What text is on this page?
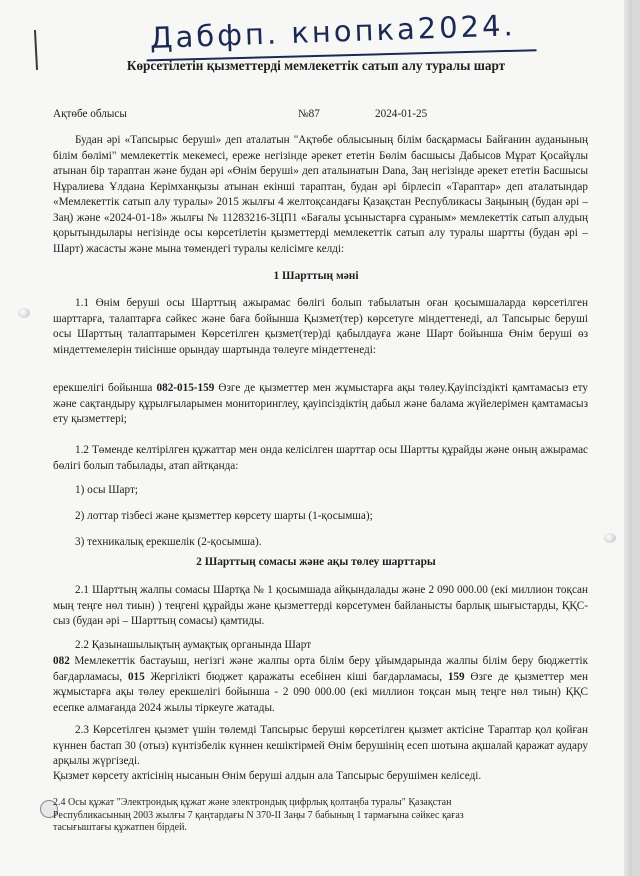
Дабфп. кнопка2024.
Көрсетілетін қызметтерді мемлекеттік сатып алу туралы шарт
Ақтөбе облысы	№87	2024-01-25
Будан әрі «Тапсырыс беруші» деп аталатын "Ақтөбе облысының білім басқармасы Байғанин ауданының білім бөлімі" мемлекеттік мекемесі, ереже негізінде әрекет ететін Бөлім басшысы Дабысов Мұрат Қосайұлы атынан бір тараптан және будан әрі «Өнім беруші» деп аталынатын Dana, Заң негізінде әрекет ететін Басшысы Нұралиева Ұлдана Керімханқызы атынан екінші тараптан, будан әрі бірлесіп «Тараптар» деп аталатындар «Мемлекеттік сатып алу туралы» 2015 жылғы 4 желтоқсандағы Қазақстан Республикасы Заңының (будан әрі – Заң) және «2024-01-18» жылғы № 11283216-ЗЦП1 «Бағалы ұсыныстарға сұраным» мемлекеттік сатып алудың қорытындылары негізінде осы көрсетілетін қызметтерді мемлекеттік сатып алу туралы шартты (будан әрі – Шарт) жасасты және мына төмендегі туралы келісімге келді:
1 Шарттың мәні
1.1 Өнім беруші осы Шарттың ажырамас бөлігі болып табылатын оған қосымшаларда көрсетілген шарттарға, талаптарға сәйкес және баға бойынша Қызмет(тер) көрсетуге міндеттенеді, ал Тапсырыс беруші осы Шарттың талаптарымен Көрсетілген қызмет(тер)ді қабылдауға және Шарт бойынша Өнім беруші өз міндеттемелерін тиісінше орындау шартында төлеуге міндеттенеді:
ерекшелігі бойынша 082-015-159 Өзге де қызметтер мен жұмыстарға ақы төлеу.Қауіпсіздікті қамтамасыз ету және сақтандыру құрылғыларымен мониторинглеу, қауіпсіздіктің дабыл және балама жүйелерімен қамтамасыз ету қызметтері;
1.2 Төменде келтірілген құжаттар мен онда келісілген шарттар осы Шартты құрайды және оның ажырамас бөлігі болып табылады, атап айтқанда:
1) осы Шарт;
2) лоттар тізбесі және қызметтер көрсету шарты (1-қосымша);
3) техникалық ерекшелік (2-қосымша).
2 Шарттың сомасы және ақы төлеу шарттары
2.1 Шарттың жалпы сомасы Шартқа № 1 қосымшада айқындалады және 2 090 000.00 (екі миллион тоқсан мың теңге нөл тиын) ) теңгені құрайды және қызметтерді көрсетумен байланысты барлық шығыстарды, ҚҚС-сыз (будан әрі – Шарттың сомасы) қамтиды.
2.2 Қазынашылықтың аумақтық органында Шарт
082 Мемлекеттік бастауыш, негізгі және жалпы орта білім беру ұйымдарында жалпы білім беру бюджеттік бағдарламасы, 015 Жергілікті бюджет қаражаты есебінен кіші бағдарламасы, 159 Өзге де қызметтер мен жұмыстарға ақы төлеу ерекшелігі бойынша - 2 090 000.00 (екі миллион тоқсан мың теңге нөл тиын) ҚҚС есепке алмағанда 2024 жылы тіркеуге жатады.
2.3 Көрсетілген қызмет үшін төлемді Тапсырыс беруші көрсетілген қызмет актісіне Тараптар қол қойған күннен бастап 30 (отыз) күнтізбелік күннен кешіктірмей Өнім берушінің есеп шотына ақшалай қаражат аудару арқылы жүргізеді.
Қызмет көрсету актісінің нысанын Өнім беруші алдын ала Тапсырыс берушімен келіседі.
2.4 Осы құжат "Электрондық құжат және электрондық цифрлық қолтаңба туралы" Қазақстан
Республикасының 2003 жылғы 7 қаңтардағы N 370-II Заңы 7 бабының 1 тармағына сәйкес қағаз
тасығыштағы құжатпен бірдей.
